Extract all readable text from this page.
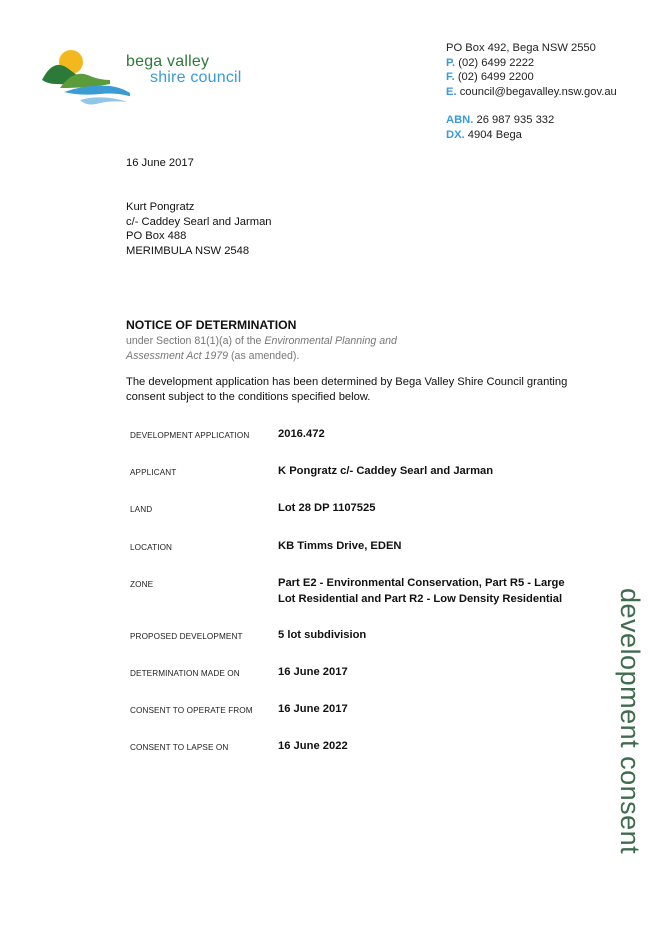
bega valley
shire council
PO Box 492, Bega NSW 2550
P. (02) 6499 2222
F. (02) 6499 2200
E. council@begavalley.nsw.gov.au
ABN. 26 987 935 332
DX. 4904 Bega
16 June 2017
Kurt Pongratz
c/- Caddey Searl and Jarman
PO Box 488
MERIMBULA NSW 2548
NOTICE OF DETERMINATION
under Section 81(1)(a) of the Environmental Planning and Assessment Act 1979 (as amended).
The development application has been determined by Bega Valley Shire Council granting consent subject to the conditions specified below.
DEVELOPMENT APPLICATION	2016.472
APPLICANT	K Pongratz c/- Caddey Searl and Jarman
LAND	Lot 28 DP 1107525
LOCATION	KB Timms Drive, EDEN
ZONE	Part E2 - Environmental Conservation, Part R5 - Large Lot Residential and Part R2 - Low Density Residential
PROPOSED DEVELOPMENT	5 lot subdivision
DETERMINATION MADE ON	16 June 2017
CONSENT TO OPERATE FROM 16 June 2017
CONSENT TO LAPSE ON	16 June 2022	development consent
